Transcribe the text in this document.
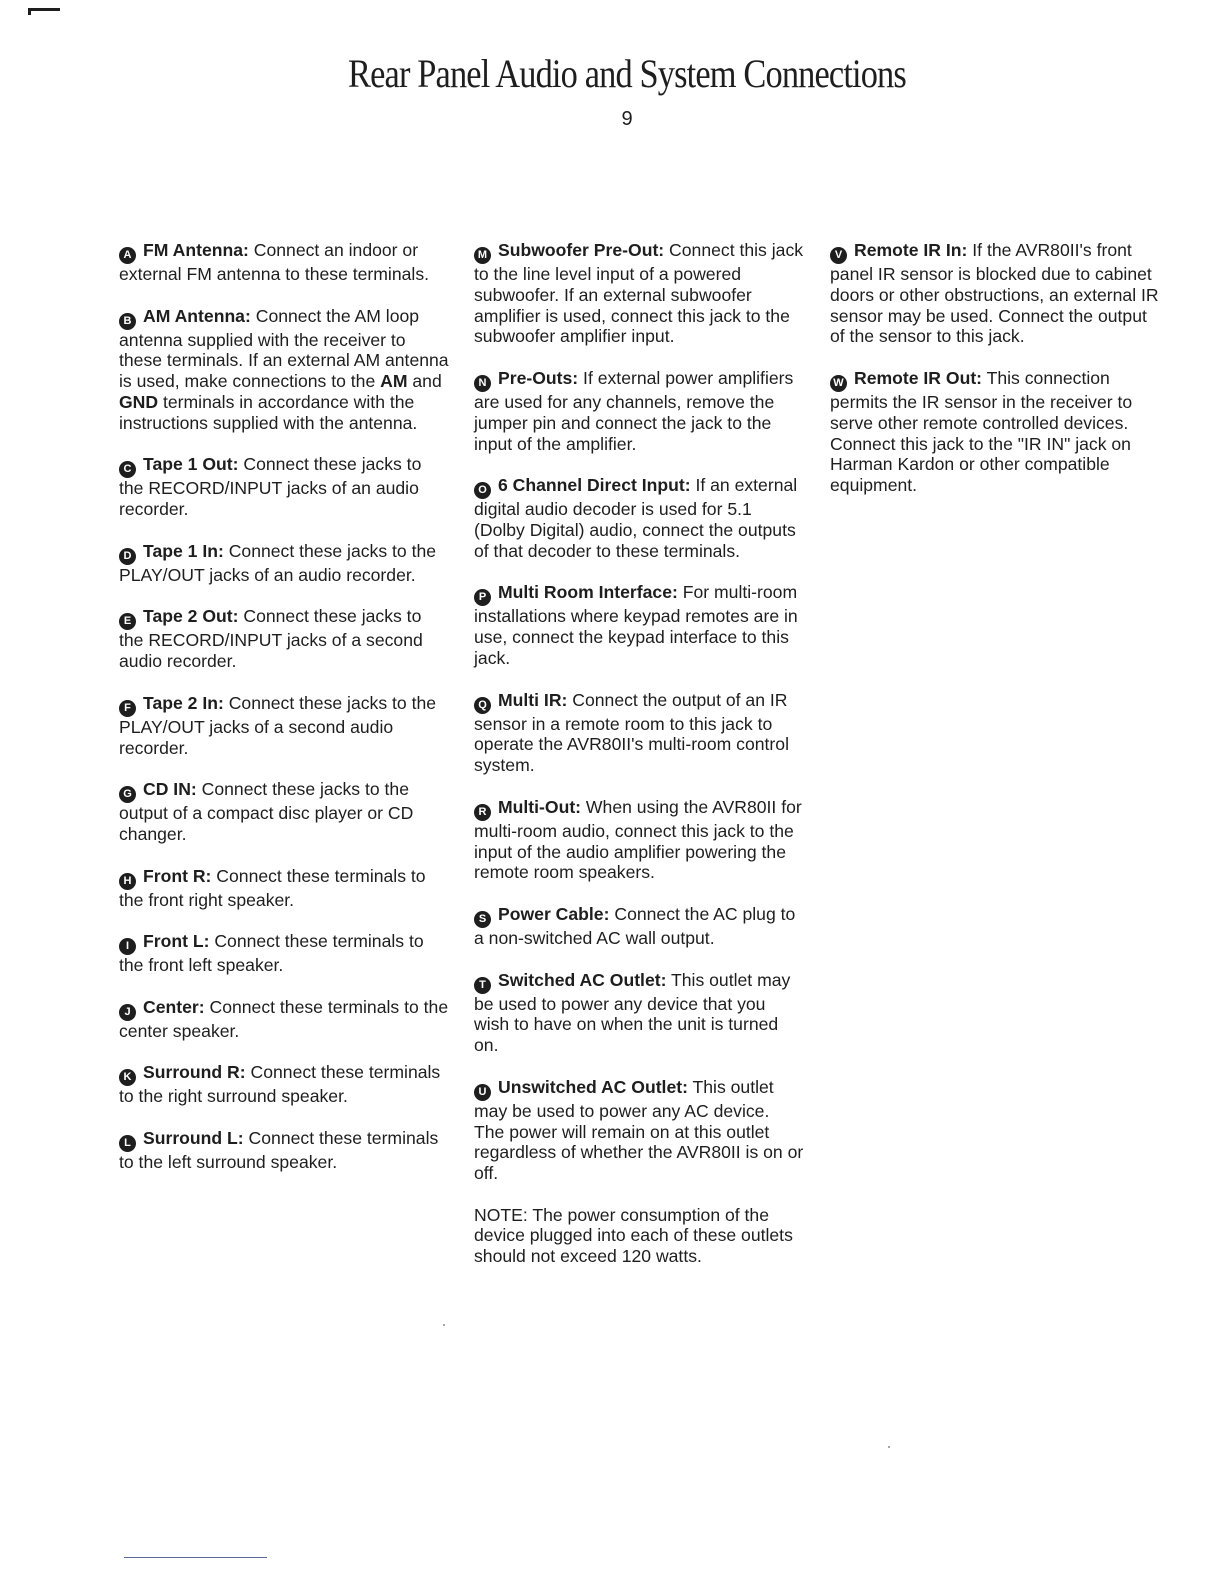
Rear Panel Audio and System Connections
9

A FM Antenna: Connect an indoor or external FM antenna to these terminals.

B AM Antenna: Connect the AM loop antenna supplied with the receiver to these terminals. If an external AM antenna is used, make connections to the AM and GND terminals in accordance with the instructions supplied with the antenna.

C Tape 1 Out: Connect these jacks to the RECORD/INPUT jacks of an audio recorder.

D Tape 1 In: Connect these jacks to the PLAY/OUT jacks of an audio recorder.

E Tape 2 Out: Connect these jacks to the RECORD/INPUT jacks of a second audio recorder.

F Tape 2 In: Connect these jacks to the PLAY/OUT jacks of a second audio recorder.

G CD IN: Connect these jacks to the output of a compact disc player or CD changer.

H Front R: Connect these terminals to the front right speaker.

I Front L: Connect these terminals to the front left speaker.

J Center: Connect these terminals to the center speaker.

K Surround R: Connect these terminals to the right surround speaker.

L Surround L: Connect these terminals to the left surround speaker.

M Subwoofer Pre-Out: Connect this jack to the line level input of a powered subwoofer. If an external subwoofer amplifier is used, connect this jack to the subwoofer amplifier input.

N Pre-Outs: If external power amplifiers are used for any channels, remove the jumper pin and connect the jack to the input of the amplifier.

O 6 Channel Direct Input: If an external digital audio decoder is used for 5.1 (Dolby Digital) audio, connect the outputs of that decoder to these terminals.

P Multi Room Interface: For multi-room installations where keypad remotes are in use, connect the keypad interface to this jack.

Q Multi IR: Connect the output of an IR sensor in a remote room to this jack to operate the AVR80II's multi-room control system.

R Multi-Out: When using the AVR80II for multi-room audio, connect this jack to the input of the audio amplifier powering the remote room speakers.

S Power Cable: Connect the AC plug to a non-switched AC wall output.

T Switched AC Outlet: This outlet may be used to power any device that you wish to have on when the unit is turned on.

U Unswitched AC Outlet: This outlet may be used to power any AC device. The power will remain on at this outlet regardless of whether the AVR80II is on or off.

NOTE: The power consumption of the device plugged into each of these outlets should not exceed 120 watts.

V Remote IR In: If the AVR80II's front panel IR sensor is blocked due to cabinet doors or other obstructions, an external IR sensor may be used. Connect the output of the sensor to this jack.

W Remote IR Out: This connection permits the IR sensor in the receiver to serve other remote controlled devices. Connect this jack to the "IR IN" jack on Harman Kardon or other compatible equipment.
